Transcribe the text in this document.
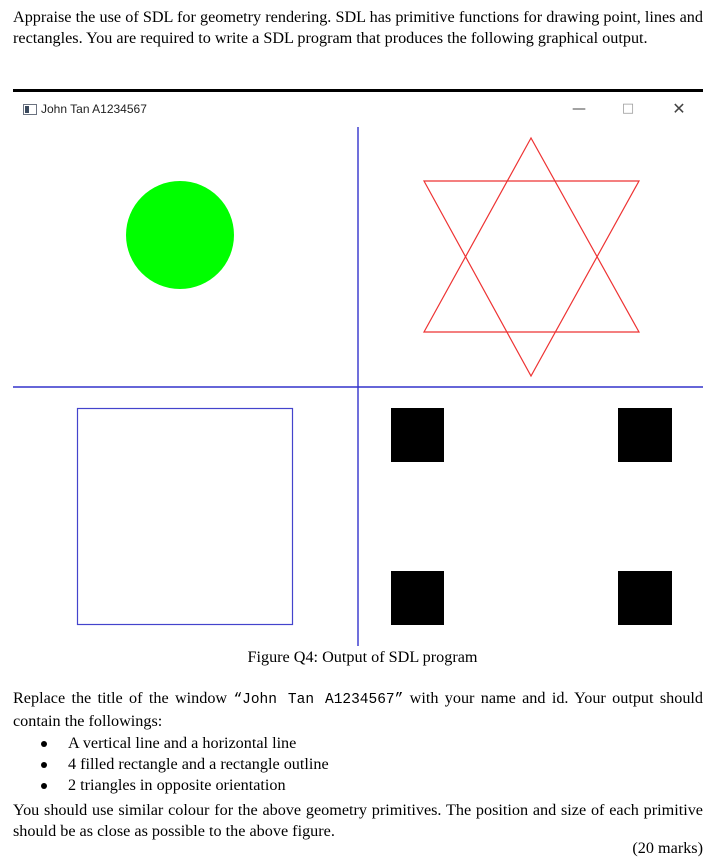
Appraise the use of SDL for geometry rendering. SDL has primitive functions for drawing point, lines and rectangles. You are required to write a SDL program that produces the following graphical output.

John Tan A1234567	—	□	✕
Figure Q4: Output of SDL program

Replace the title of the window “John Tan A1234567” with your name and id. Your output should contain the followings:

A vertical line and a horizontal line
4 filled rectangle and a rectangle outline
2 triangles in opposite orientation

You should use similar colour for the above geometry primitives. The position and size of each primitive should be as close as possible to the above figure.

(20 marks)
